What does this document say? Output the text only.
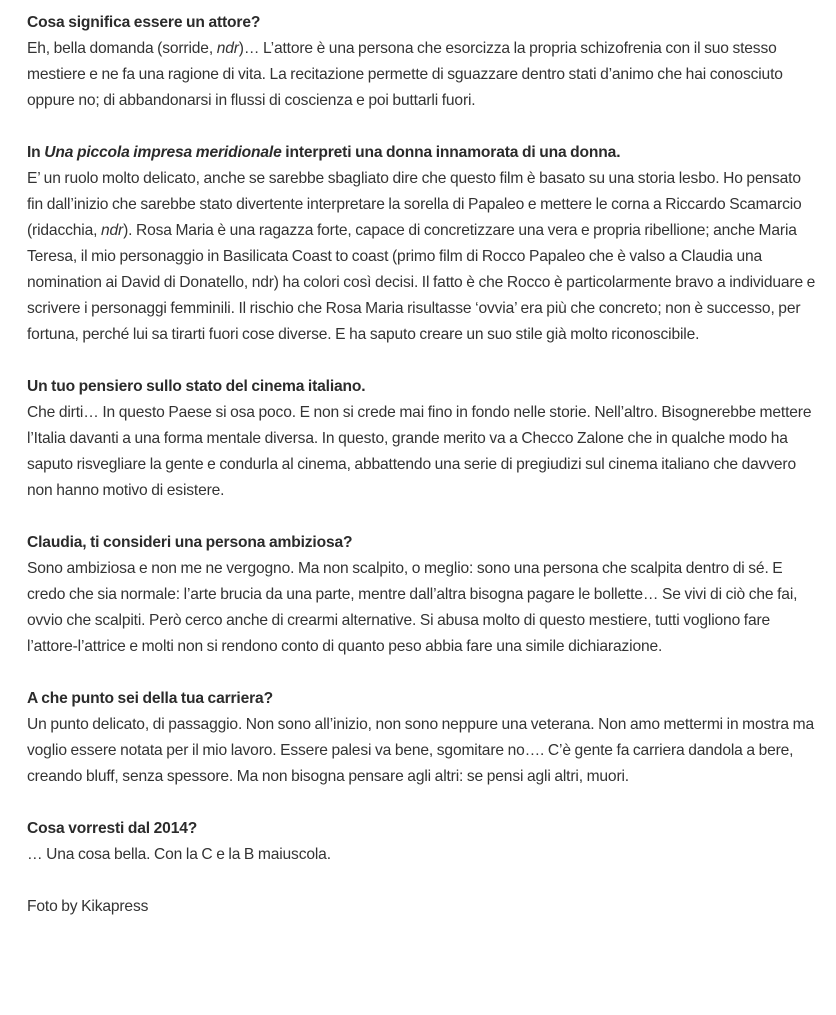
Cosa significa essere un attore?
Eh, bella domanda (sorride, ndr)… L’attore è una persona che esorcizza la propria schizofrenia con il suo stesso mestiere e ne fa una ragione di vita. La recitazione permette di sguazzare dentro stati d’animo che hai conosciuto oppure no; di abbandonarsi in flussi di coscienza e poi buttarli fuori.
In Una piccola impresa meridionale interpreti una donna innamorata di una donna.
E’ un ruolo molto delicato, anche se sarebbe sbagliato dire che questo film è basato su una storia lesbo. Ho pensato fin dall’inizio che sarebbe stato divertente interpretare la sorella di Papaleo e mettere le corna a Riccardo Scamarcio (ridacchia, ndr). Rosa Maria è una ragazza forte, capace di concretizzare una vera e propria ribellione; anche Maria Teresa, il mio personaggio in Basilicata Coast to coast (primo film di Rocco Papaleo che è valso a Claudia una nomination ai David di Donatello, ndr) ha colori così decisi. Il fatto è che Rocco è particolarmente bravo a individuare e scrivere i personaggi femminili. Il rischio che Rosa Maria risultasse ‘ovvia’ era più che concreto; non è successo, per fortuna, perché lui sa tirarti fuori cose diverse. E ha saputo creare un suo stile già molto riconoscibile.
Un tuo pensiero sullo stato del cinema italiano.
Che dirti… In questo Paese si osa poco. E non si crede mai fino in fondo nelle storie. Nell’altro. Bisognerebbe mettere l’Italia davanti a una forma mentale diversa. In questo, grande merito va a Checco Zalone che in qualche modo ha saputo risvegliare la gente e condurla al cinema, abbattendo una serie di pregiudizi sul cinema italiano che davvero non hanno motivo di esistere.
Claudia, ti consideri una persona ambiziosa?
Sono ambiziosa e non me ne vergogno. Ma non scalpito, o meglio: sono una persona che scalpita dentro di sé. E credo che sia normale: l’arte brucia da una parte, mentre dall’altra bisogna pagare le bollette… Se vivi di ciò che fai, ovvio che scalpiti. Però cerco anche di crearmi alternative. Si abusa molto di questo mestiere, tutti vogliono fare l’attore-l’attrice e molti non si rendono conto di quanto peso abbia fare una simile dichiarazione.
A che punto sei della tua carriera?
Un punto delicato, di passaggio. Non sono all’inizio, non sono neppure una veterana. Non amo mettermi in mostra ma voglio essere notata per il mio lavoro. Essere palesi va bene, sgomitare no…. C’è gente fa carriera dandola a bere, creando bluff, senza spessore. Ma non bisogna pensare agli altri: se pensi agli altri, muori.
Cosa vorresti dal 2014?
… Una cosa bella. Con la C e la B maiuscola.

Foto by Kikapress
